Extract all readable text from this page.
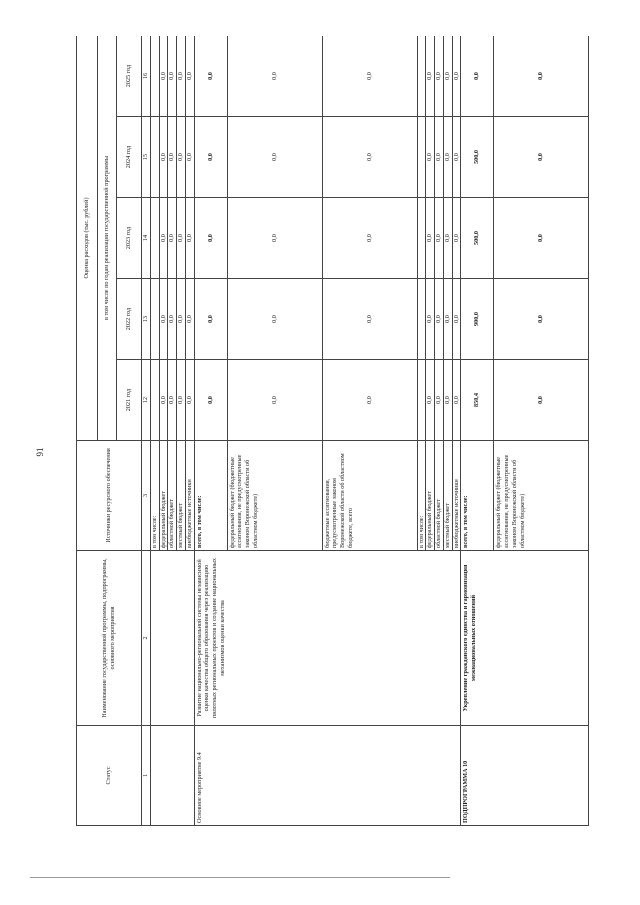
91
Статус	Наименование государственной программы, подпрограммы, основного мероприятия	Источники ресурсного обеспечения	Оценка расходов (тыс. рублей)				
			в том числе по годам реализации государственной программы				
			2021 год	2022 год	2023 год	2024 год	2025 год
1	2	3	12	13	14	15	16
		в том числе:					
		федеральный бюджет	0,0	0,0	0,0	0,0	0,0
		областной бюджет	0,0	0,0	0,0	0,0	0,0
		местный бюджет	0,0	0,0	0,0	0,0	0,0
		внебюджетные источники	0,0	0,0	0,0	0,0	0,0
Основное мероприятие 9.4	Развитие национально-региональной системы независимой оценки качества общего образования через реализацию пилотных региональных проектов и создание национальных механизмов оценки качества	всего, в том числе:	0,0	0,0	0,0	0,0	0,0
		федеральный бюджет (бюджетные ассигнования, не предусмотренные законом Воронежской области об областном бюджете)	0,0	0,0	0,0	0,0	0,0
		бюджетные ассигнования, предусмотренные законом Воронежской области об областном бюджете, всего	0,0	0,0	0,0	0,0	0,0
		в том числе:					
		федеральный бюджет	0,0	0,0	0,0	0,0	0,0
		областной бюджет	0,0	0,0	0,0	0,0	0,0
		местный бюджет	0,0	0,0	0,0	0,0	0,0
		внебюджетные источники	0,0	0,0	0,0	0,0	0,0
ПОДПРОГРАММА 10	Укрепление гражданского единства и гармонизация межнациональных отношений	всего, в том числе:	850,4	900,0	500,0	500,0	0,0
		федеральный бюджет (бюджетные ассигнования, не предусмотренные законом Воронежской области об областном бюджете)	0,0	0,0	0,0	0,0	0,0
